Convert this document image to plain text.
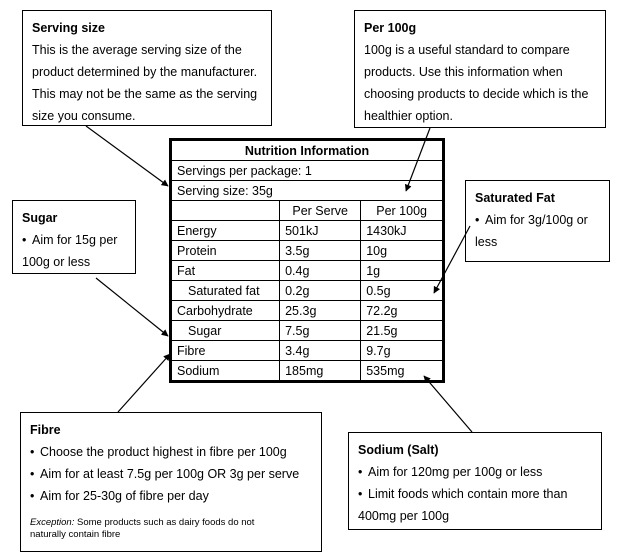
Serving size
This is the average serving size of the
product determined by the manufacturer.
This may not be the same as the serving
size you consume.
Per 100g
100g is a useful standard to compare
products. Use this information when
choosing products to decide which is the
healthier option.
Saturated Fat
• Aim for 3g/100g or
less
Sugar
• Aim for 15g per
100g or less
Nutrition Information		
Servings per package: 1		
Serving size: 35g		
	Per Serve	Per 100g
Energy	501kJ	1430kJ
Protein	3.5g	10g
Fat	0.4g	1g
Saturated fat	0.2g	0.5g
Carbohydrate	25.3g	72.2g
Sugar	7.5g	21.5g
Fibre	3.4g	9.7g
Sodium	185mg	535mg
Fibre
• Choose the product highest in fibre per 100g
• Aim for at least 7.5g per 100g OR 3g per serve
• Aim for 25-30g of fibre per day
Exception: Some products such as dairy foods do not
naturally contain fibre
Sodium (Salt)
• Aim for 120mg per 100g or less
• Limit foods which contain more than
400mg per 100g
